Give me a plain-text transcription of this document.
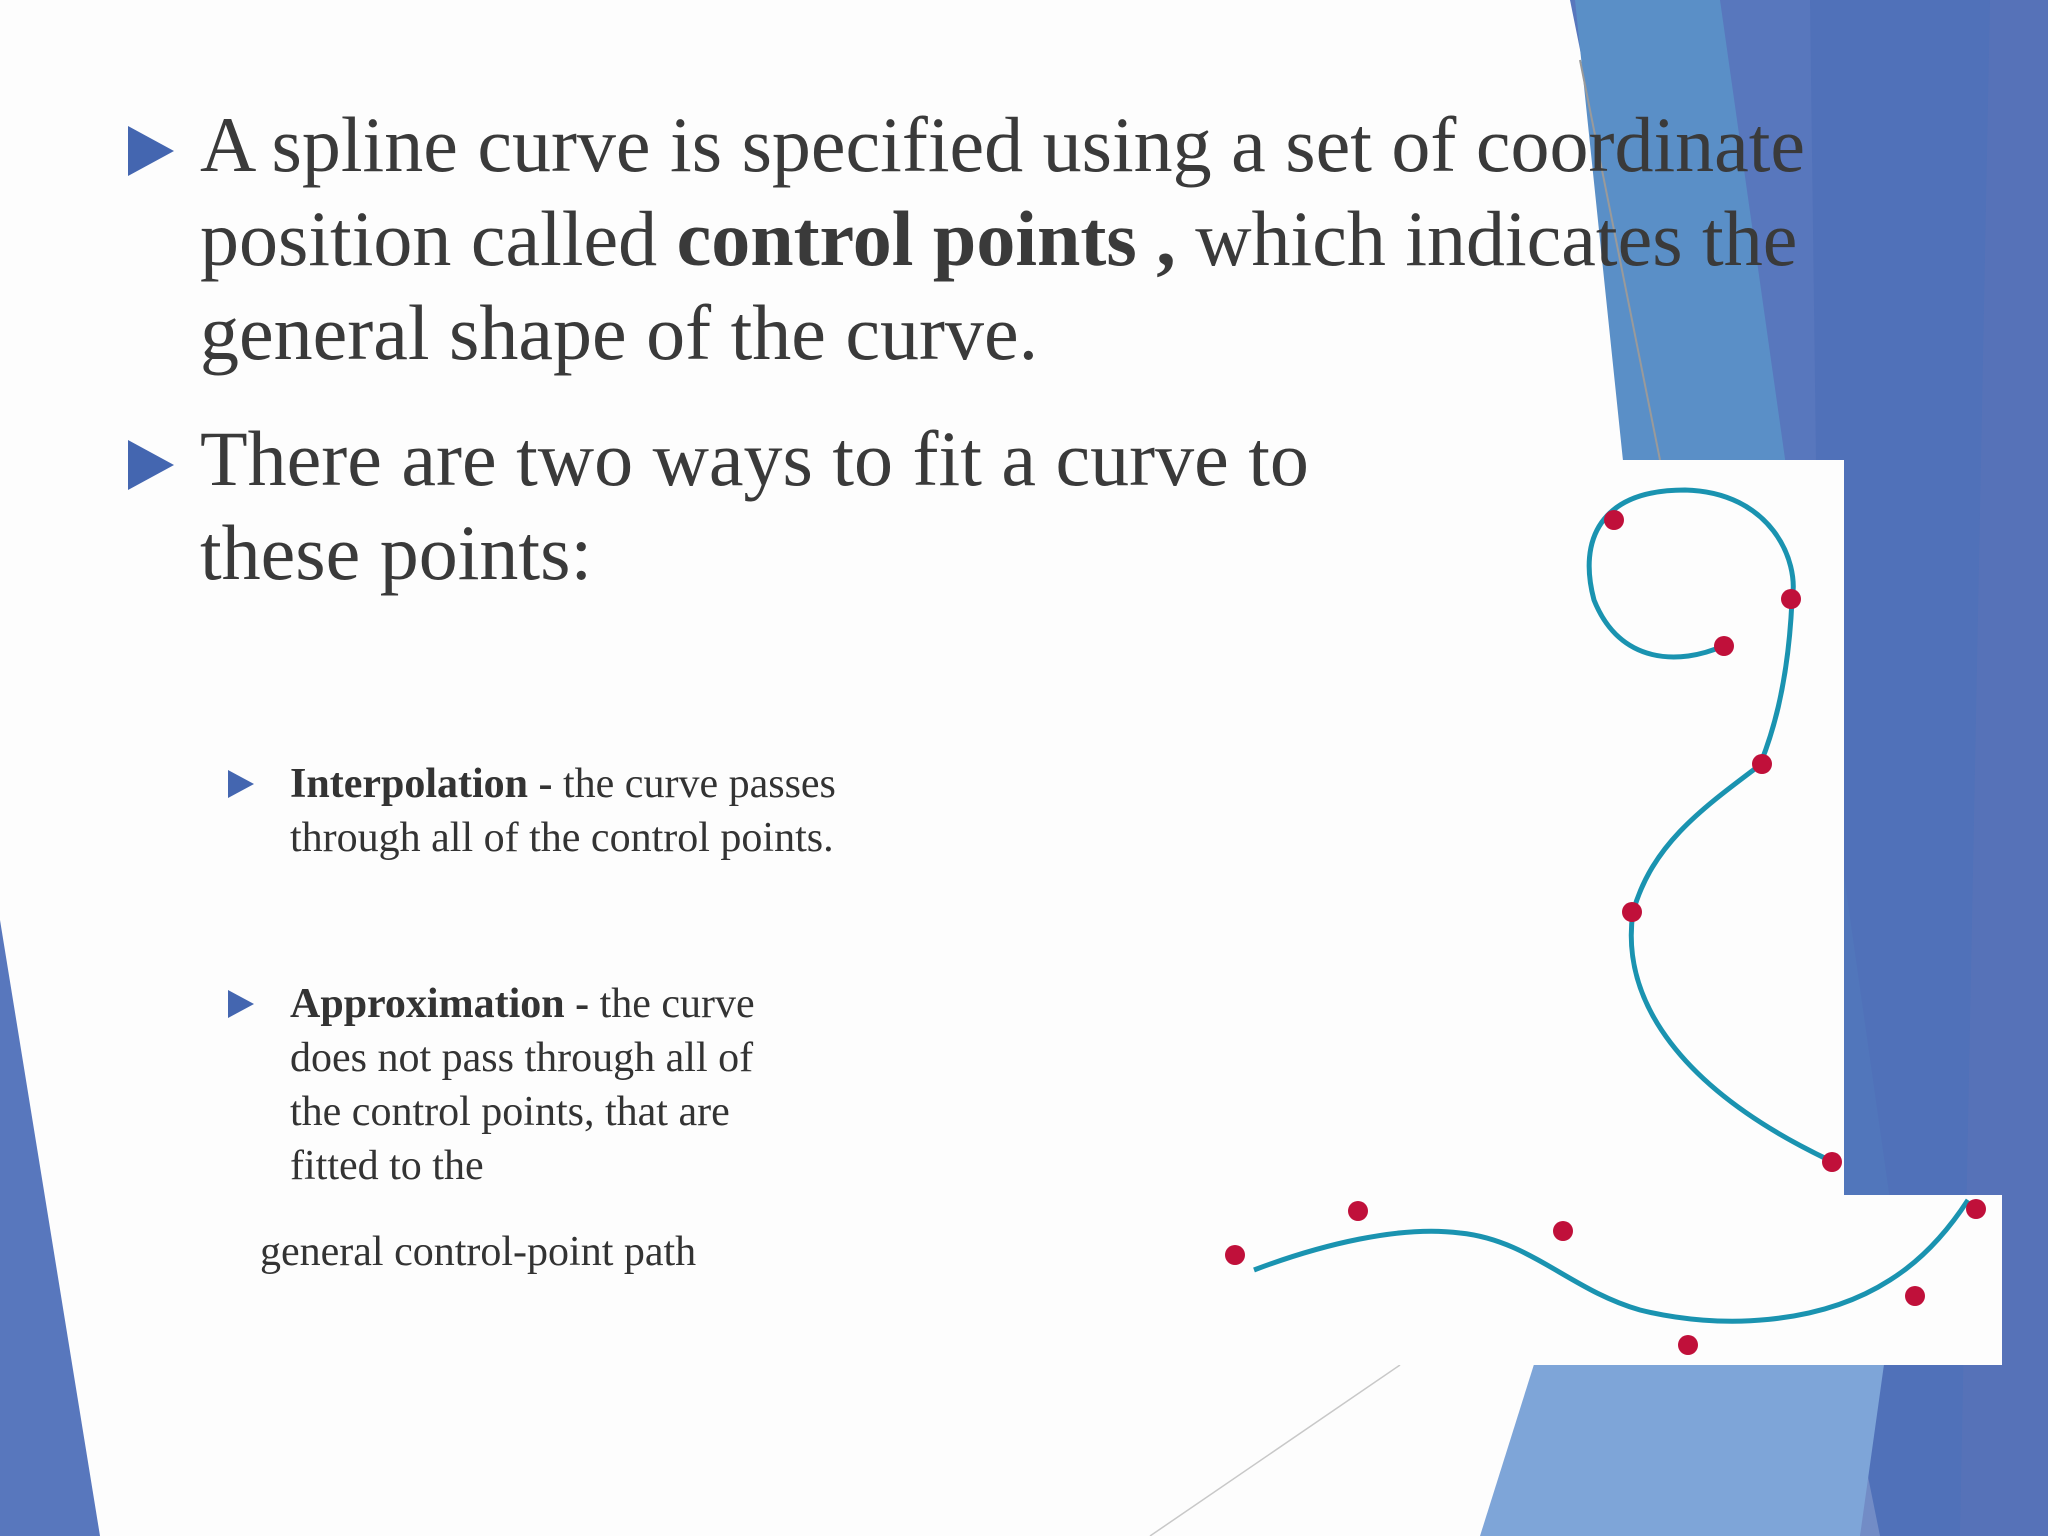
A spline curve is specified using a set of coordinate position called control points , which indicates the general shape of the curve.

There are two ways to fit a curve to these points:

Interpolation - the curve passes through all of the control points.

Approximation - the curve does not pass through all of the control points, that are fitted to the

general control-point path
